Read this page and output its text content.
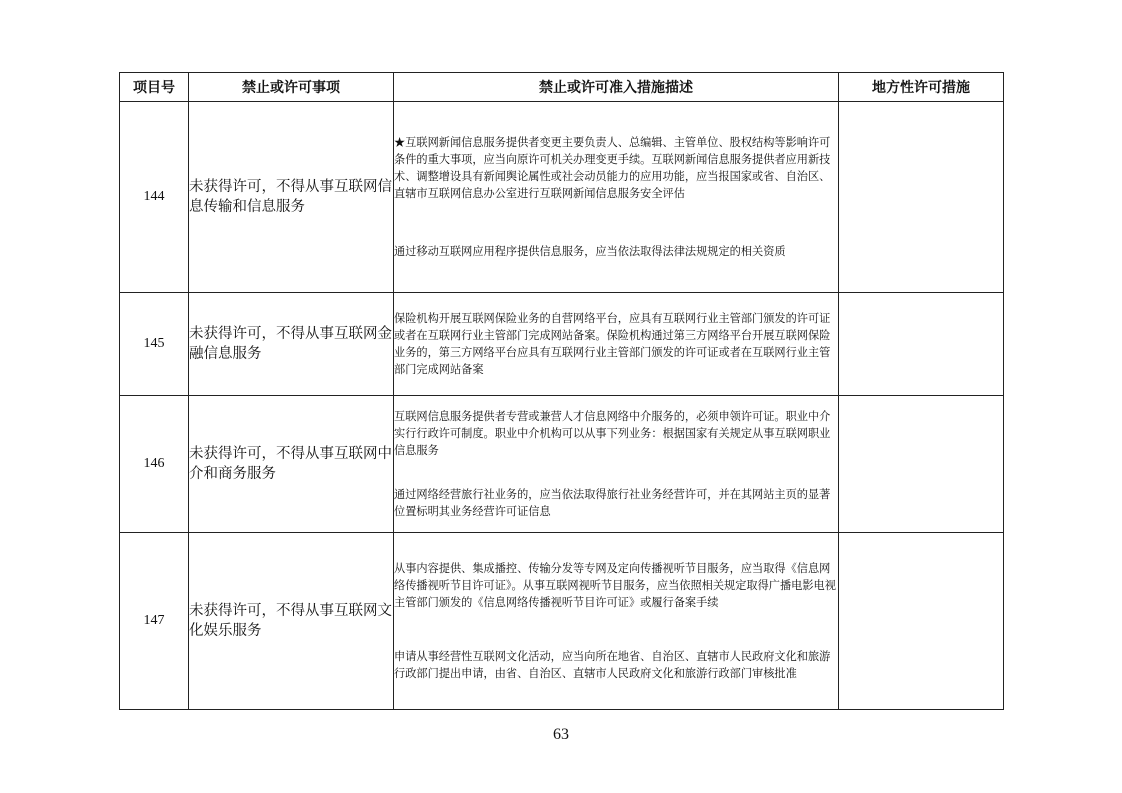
项目号	禁止或许可事项	禁止或许可准入措施描述	地方性许可措施
144	未获得许可，不得从事互联网信息传输和信息服务	★互联网新闻信息服务提供者变更主要负责人、总编辑、主管单位、股权结构等影响许可条件的重大事项，应当向原许可机关办理变更手续。互联网新闻信息服务提供者应用新技术、调整增设具有新闻舆论属性或社会动员能力的应用功能，应当报国家或省、自治区、直辖市互联网信息办公室进行互联网新闻信息服务安全评估

通过移动互联网应用程序提供信息服务，应当依法取得法律法规规定的相关资质	

145	未获得许可，不得从事互联网金融信息服务	保险机构开展互联网保险业务的自营网络平台，应具有互联网行业主管部门颁发的许可证或者在互联网行业主管部门完成网站备案。保险机构通过第三方网络平台开展互联网保险业务的，第三方网络平台应具有互联网行业主管部门颁发的许可证或者在互联网行业主管部门完成网站备案	

146	未获得许可，不得从事互联网中介和商务服务	互联网信息服务提供者专营或兼营人才信息网络中介服务的，必须申领许可证。职业中介实行行政许可制度。职业中介机构可以从事下列业务：根据国家有关规定从事互联网职业信息服务

通过网络经营旅行社业务的，应当依法取得旅行社业务经营许可，并在其网站主页的显著位置标明其业务经营许可证信息	

147	未获得许可，不得从事互联网文化娱乐服务	从事内容提供、集成播控、传输分发等专网及定向传播视听节目服务，应当取得《信息网络传播视听节目许可证》。从事互联网视听节目服务，应当依照相关规定取得广播电影电视主管部门颁发的《信息网络传播视听节目许可证》或履行备案手续

申请从事经营性互联网文化活动，应当向所在地省、自治区、直辖市人民政府文化和旅游行政部门提出申请，由省、自治区、直辖市人民政府文化和旅游行政部门审核批准	

63
